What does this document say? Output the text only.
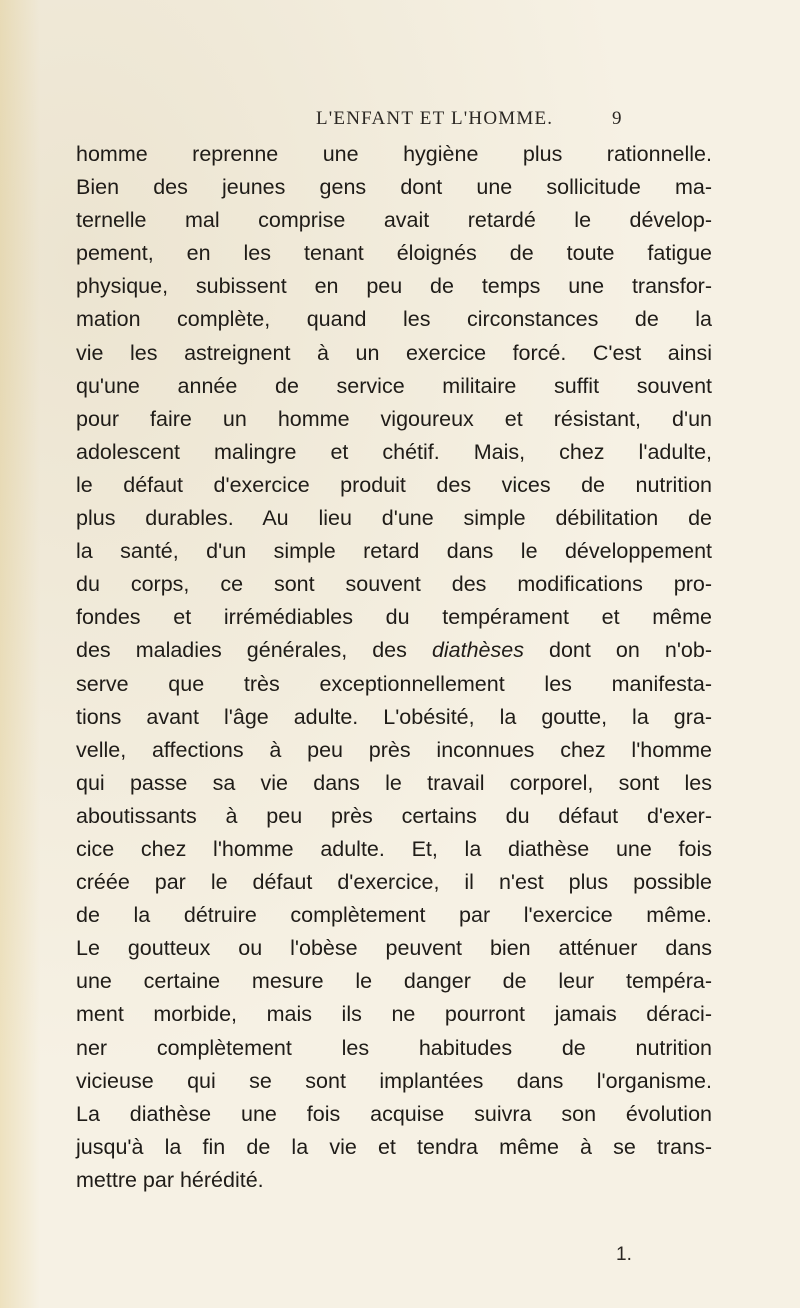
L'ENFANT ET L'HOMME.	9
homme reprenne une hygiène plus rationnelle.
Bien des jeunes gens dont une sollicitude ma-
ternelle mal comprise avait retardé le dévelop-
pement, en les tenant éloignés de toute fatigue
physique, subissent en peu de temps une transfor-
mation complète, quand les circonstances de la
vie les astreignent à un exercice forcé. C'est ainsi
qu'une année de service militaire suffit souvent
pour faire un homme vigoureux et résistant, d'un
adolescent malingre et chétif. Mais, chez l'adulte,
le défaut d'exercice produit des vices de nutrition
plus durables. Au lieu d'une simple débilitation de
la santé, d'un simple retard dans le développement
du corps, ce sont souvent des modifications pro-
fondes et irrémédiables du tempérament et même
des maladies générales, des diathèses dont on n'ob-
serve que très exceptionnellement les manifesta-
tions avant l'âge adulte. L'obésité, la goutte, la gra-
velle, affections à peu près inconnues chez l'homme
qui passe sa vie dans le travail corporel, sont les
aboutissants à peu près certains du défaut d'exer-
cice chez l'homme adulte. Et, la diathèse une fois
créée par le défaut d'exercice, il n'est plus possible
de la détruire complètement par l'exercice même.
Le goutteux ou l'obèse peuvent bien atténuer dans
une certaine mesure le danger de leur tempéra-
ment morbide, mais ils ne pourront jamais déraci-
ner complètement les habitudes de nutrition
vicieuse qui se sont implantées dans l'organisme.
La diathèse une fois acquise suivra son évolution
jusqu'à la fin de la vie et tendra même à se trans-
mettre par hérédité.
1.
